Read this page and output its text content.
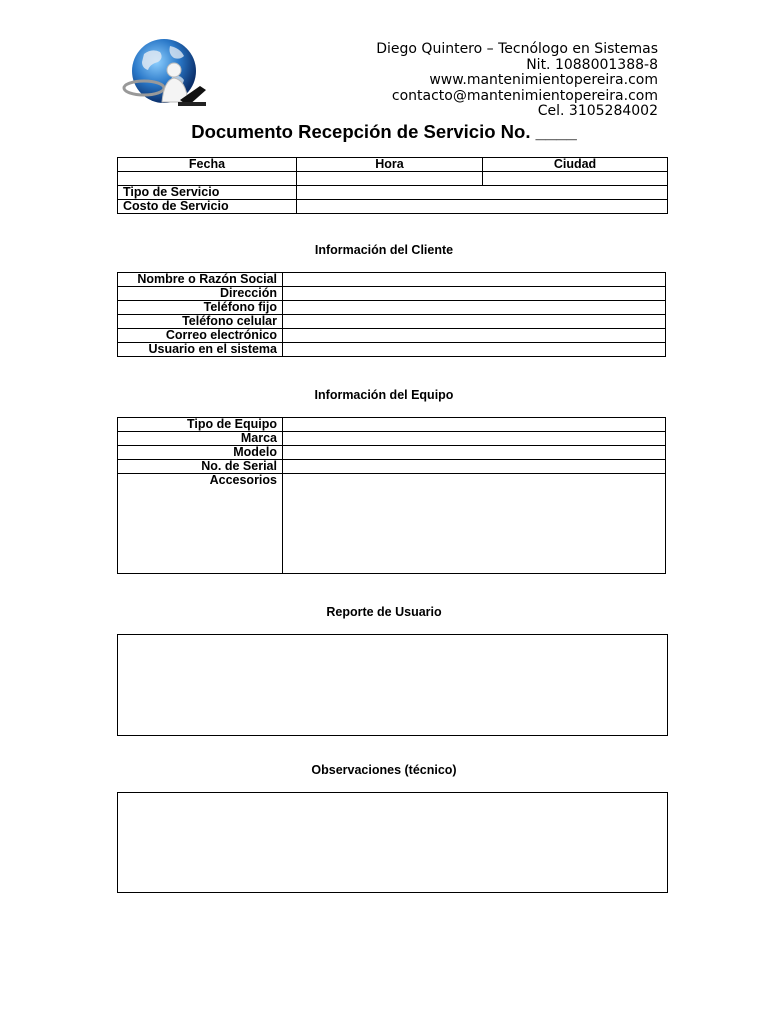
Diego Quintero – Tecnólogo en Sistemas
Nit. 1088001388-8
www.mantenimientopereira.com
contacto@mantenimientopereira.com
Cel. 3105284002
Documento Recepción de Servicio No. ____
Fecha	Hora	Ciudad

Tipo de Servicio		
Costo de Servicio		
Información del Cliente
Nombre o Razón Social	
Dirección	
Teléfono fijo	
Teléfono celular	
Correo electrónico	
Usuario en el sistema	
Información del Equipo
Tipo de Equipo	
Marca	
Modelo	
No. de Serial	
Accesorios	
Reporte de Usuario
Observaciones (técnico)
